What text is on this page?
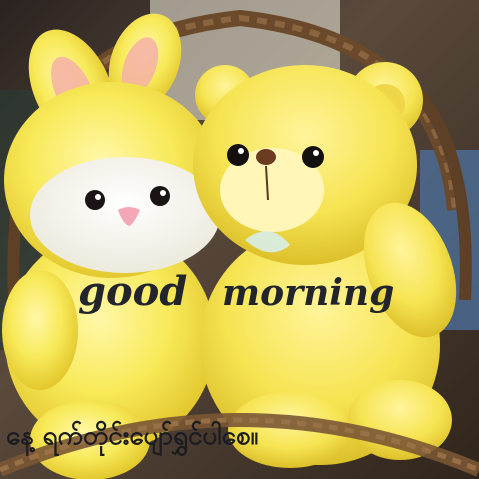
good morning
နေ့ ရက်တိုင်းပျော်ရွှင်ပါစေ။
